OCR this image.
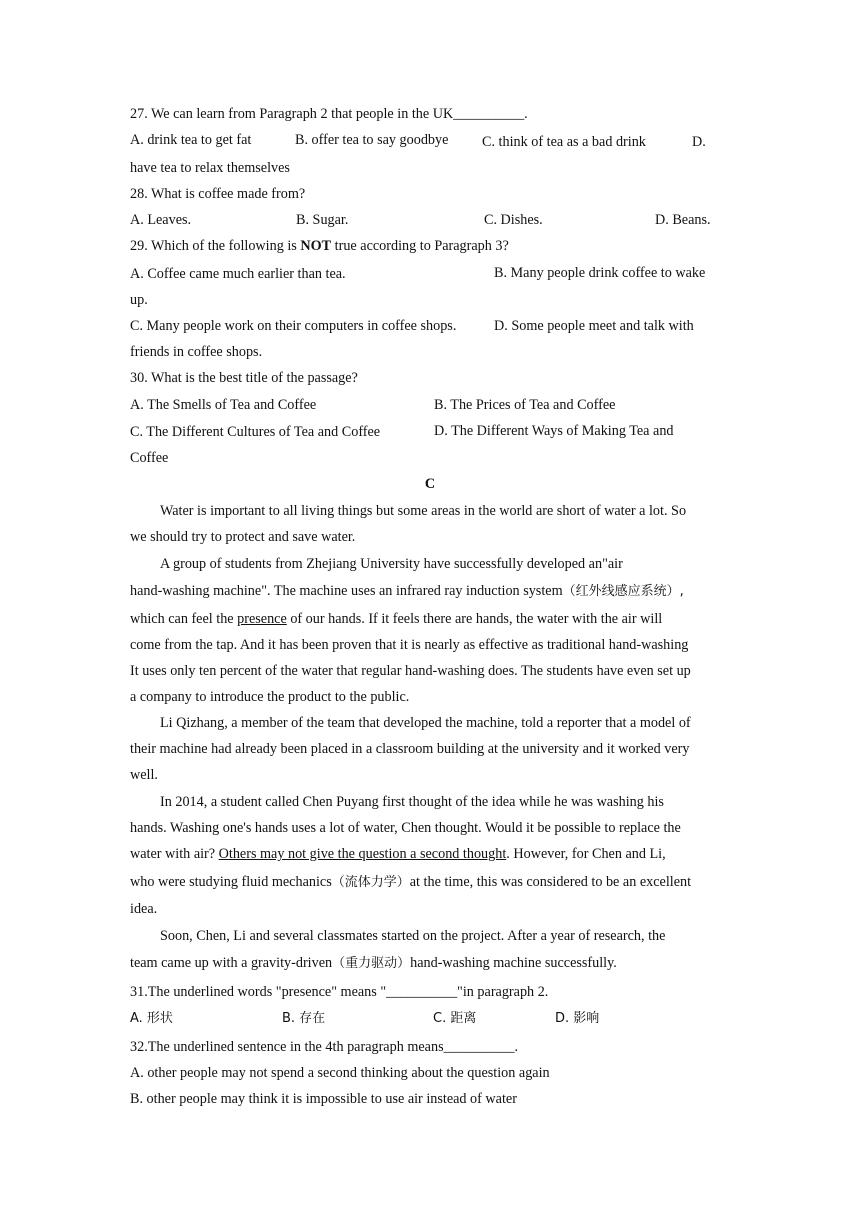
27. We can learn from Paragraph 2 that people in the UK__________.
A. drink tea to get fat	B. offer tea to say goodbye C. think of tea as a bad drink	D.
have tea to relax themselves
28. What is coffee made from?
A. Leaves.	B. Sugar.	C. Dishes.	D. Beans.
29. Which of the following is NOT true according to Paragraph 3?
A. Coffee came much earlier than tea.	B. Many people drink coffee to wake
up.
C. Many people work on their computers in coffee shops.	D. Some people meet and talk with
friends in coffee shops.
30. What is the best title of the passage?
A. The Smells of Tea and Coffee	B. The Prices of Tea and Coffee
C. The Different Cultures of Tea and Coffee	D. The Different Ways of Making Tea and
Coffee
C
Water is important to all living things but some areas in the world are short of water a lot. So
we should try to protect and save water.
A group of students from Zhejiang University have successfully developed an"air
hand-washing machine". The machine uses an infrared ray induction system（红外线感应系统）,
which can feel the presence of our hands. If it feels there are hands, the water with the air will
come from the tap. And it has been proven that it is nearly as effective as traditional hand-washing
It uses only ten percent of the water that regular hand-washing does. The students have even set up
a company to introduce the product to the public.
Li Qizhang, a member of the team that developed the machine, told a reporter that a model of
their machine had already been placed in a classroom building at the university and it worked very
well.
In 2014, a student called Chen Puyang first thought of the idea while he was washing his
hands. Washing one's hands uses a lot of water, Chen thought. Would it be possible to replace the
water with air? Others may not give the question a second thought. However, for Chen and Li,
who were studying fluid mechanics（流体力学）at the time, this was considered to be an excellent
idea.
Soon, Chen, Li and several classmates started on the project. After a year of research, the
team came up with a gravity-driven（重力驱动）hand-washing machine successfully.
31.The underlined words "presence" means "__________"in paragraph 2.
A. 形状	B. 存在	C. 距离	D. 影响
32.The underlined sentence in the 4th paragraph means__________.
A. other people may not spend a second thinking about the question again
B. other people may think it is impossible to use air instead of water
